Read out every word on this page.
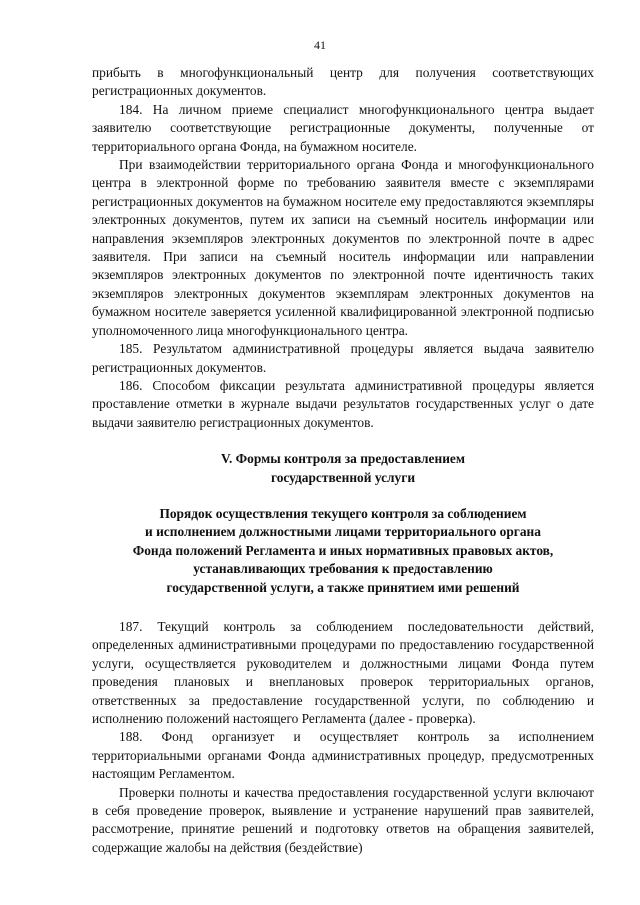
41

прибыть в многофункциональный центр для получения соответствующих регистрационных документов.

184. На личном приеме специалист многофункционального центра выдает заявителю соответствующие регистрационные документы, полученные от территориального органа Фонда, на бумажном носителе.

При взаимодействии территориального органа Фонда и многофункционального центра в электронной форме по требованию заявителя вместе с экземплярами регистрационных документов на бумажном носителе ему предоставляются экземпляры электронных документов, путем их записи на съемный носитель информации или направления экземпляров электронных документов по электронной почте в адрес заявителя. При записи на съемный носитель информации или направлении экземпляров электронных документов по электронной почте идентичность таких экземпляров электронных документов экземплярам электронных документов на бумажном носителе заверяется усиленной квалифицированной электронной подписью уполномоченного лица многофункционального центра.

185. Результатом административной процедуры является выдача заявителю регистрационных документов.

186. Способом фиксации результата административной процедуры является проставление отметки в журнале выдачи результатов государственных услуг о дате выдачи заявителю регистрационных документов.

V. Формы контроля за предоставлением
государственной услуги
Порядок осуществления текущего контроля за соблюдением
и исполнением должностными лицами территориального органа
Фонда положений Регламента и иных нормативных правовых актов,
устанавливающих требования к предоставлению
государственной услуги, а также принятием ими решений

187. Текущий контроль за соблюдением последовательности действий, определенных административными процедурами по предоставлению государственной услуги, осуществляется руководителем и должностными лицами Фонда путем проведения плановых и внеплановых проверок территориальных органов, ответственных за предоставление государственной услуги, по соблюдению и исполнению положений настоящего Регламента (далее - проверка).

188. Фонд организует и осуществляет контроль за исполнением территориальными органами Фонда административных процедур, предусмотренных настоящим Регламентом.

Проверки полноты и качества предоставления государственной услуги включают в себя проведение проверок, выявление и устранение нарушений прав заявителей, рассмотрение, принятие решений и подготовку ответов на обращения заявителей, содержащие жалобы на действия (бездействие)
